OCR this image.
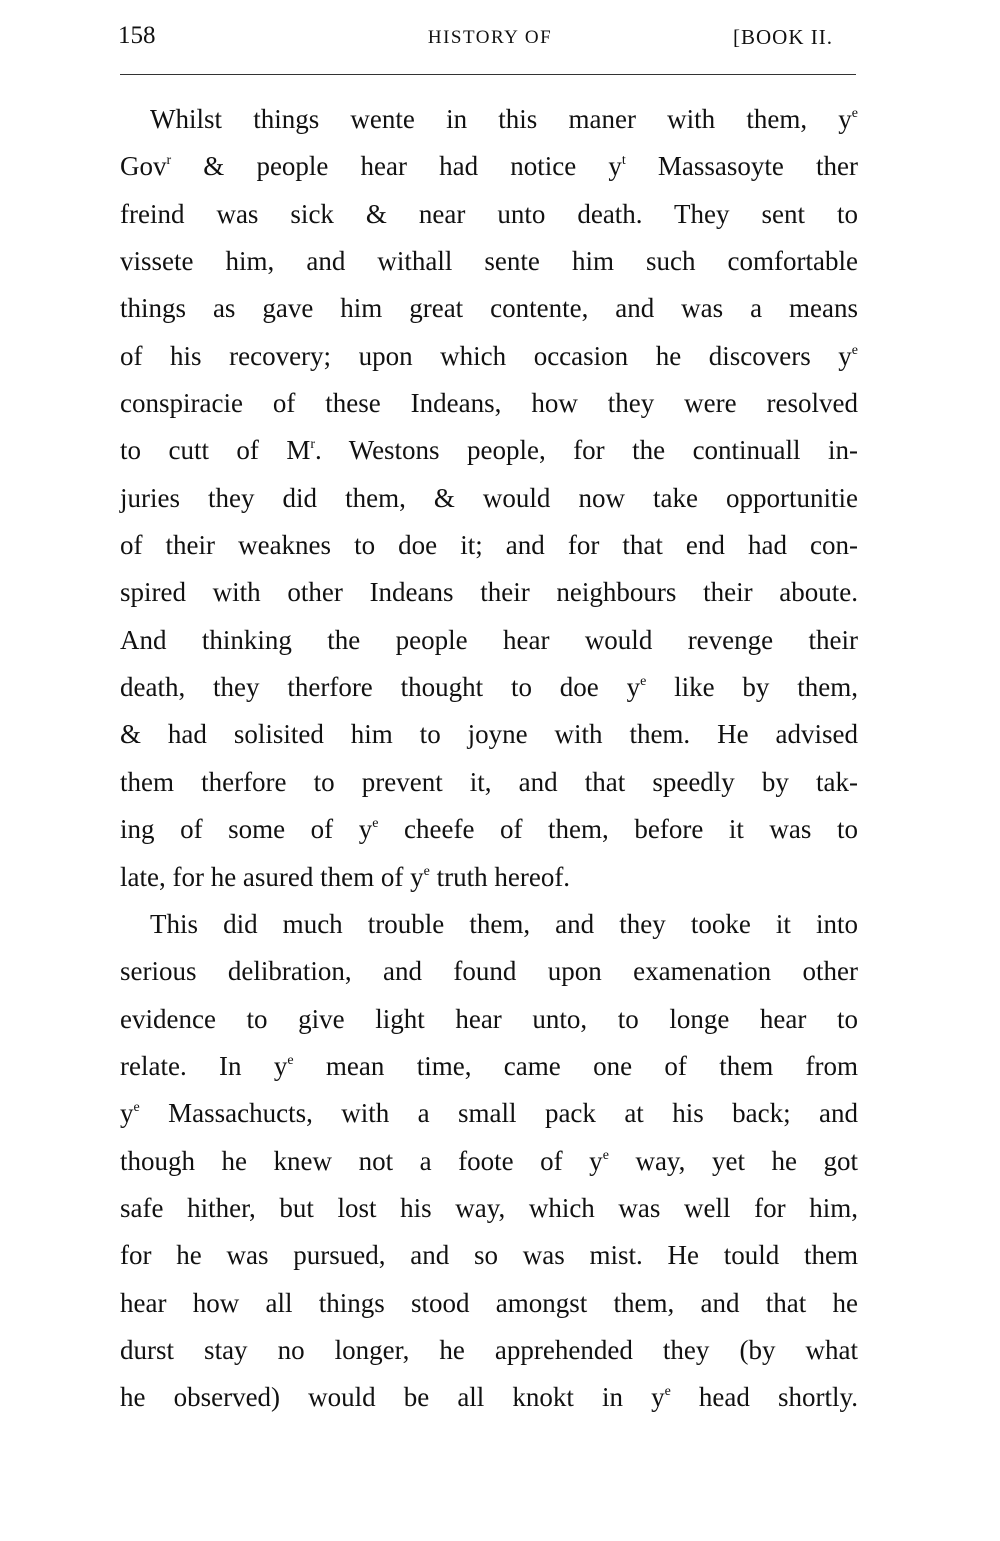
158	HISTORY OF	[BOOK II.
Whilst things wente in this maner with them, $y^e$
Gov$^r$ & people hear had notice $y^t$ Massasoyte ther
freind was sick & near unto death. They sent to
vissete him, and withall sente him such comfortable
things as gave him great contente, and was a means
of his recovery; upon which occasion he discovers $y^e$
conspiracie of these Indeans, how they were resolved
to cutt of $M^r$. Westons people, for the continuall in-
juries they did them, & would now take opportunitie
of their weaknes to doe it; and for that end had con-
spired with other Indeans their neighbours their aboute.
And thinking the people hear would revenge their
death, they therfore thought to doe $y^e$ like by them,
& had solisited him to joyne with them. He advised
them therfore to prevent it, and that speedly by tak-
ing of some of $y^e$ cheefe of them, before it was to
late, for he asured them of $y^e$ truth hereof.
This did much trouble them, and they tooke it into
serious delibration, and found upon examenation other
evidence to give light hear unto, to longe hear to
relate. In $y^e$ mean time, came one of them from
$y^e$ Massachucts, with a small pack at his back; and
though he knew not a foote of $y^e$ way, yet he got
safe hither, but lost his way, which was well for him,
for he was pursued, and so was mist. He tould them
hear how all things stood amongst them, and that he
durst stay no longer, he apprehended they (by what
he observed) would be all knokt in $y^e$ head shortly.
